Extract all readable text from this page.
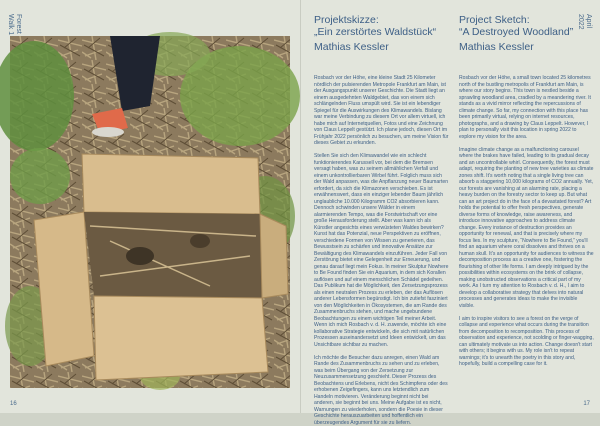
Forest
Walk 1
16	17
April
2022
Projektskizze:
„Ein zerstörtes Waldstück“
Mathias Kessler

Rosbach vor der Höhe, eine kleine Stadt 25 Kilometer nördlich der pulsierenden Metropole Frankfurt am Main, ist der Ausgangspunkt unserer Geschichte. Die Stadt liegt an einem ausgedehnten Waldgebiet, das von einem sich schlängelnden Fluss umspült wird. Sie ist ein lebendiger Spiegel für die Auswirkungen des Klimawandels. Bislang war meine Verbindung zu diesem Ort vor allem virtuell, ich habe mich auf Internetquellen, Fotos und eine Zeichnung von Claus Leppelt gestützt. Ich plane jedoch, diesen Ort im Frühjahr 2022 persönlich zu besuchen, um meine Vision für dieses Gebiet zu erkunden.

Stellen Sie sich den Klimawandel wie ein schlecht funktionierendes Karussell vor, bei dem die Bremsen versagt haben, was zu seinem allmählichen Verfall und einem unkontrollierbaren Wirbel führt. Folglich muss sich der Wald anpassen, was die Anpflanzung neuer Baumarten erfordert, da sich die Klimazonen verschieben. Es ist erwähnenswert, dass ein einziger lebender Baum jährlich unglaubliche 10.000 Kilogramm CO2 absorbieren kann. Dennoch schwinden unsere Wälder in einem alarmierenden Tempo, was die Forstwirtschaft vor eine große Herausforderung stellt. Aber was kann ich als Künstler angesichts eines verwüsteten Waldes bewirken? Kunst hat das Potenzial, neue Perspektiven zu eröffnen, verschiedene Formen von Wissen zu generieren, das Bewusstsein zu schärfen und innovative Ansätze zur Bewältigung des Klimawandels einzuführen. Jeder Fall von Zerstörung bietet eine Gelegenheit zur Erneuerung, und genau darauf liegt mein Fokus. In meiner Skulptur Nowhere to Be Found finden Sie ein Aquarium, in dem sich Korallen auflösen und auf einem menschlichen Schädel gedeihen. Das Publikum hat die Möglichkeit, den Zersetzungsprozess als einen neutralen Prozess zu erleben, der das Auflösen anderer Lebensformen begünstigt. Ich bin zutiefst fasziniert von den Möglichkeiten in Ökosystemen, die am Rande des Zusammenbruchs stehen, und mache ungebundene Beobachtungen zu einem wichtigen Teil meiner Arbeit. Wenn ich mich Rosbach v. d. H. zuwende, möchte ich eine kollaborative Strategie entwickeln, die sich mit natürlichen Prozessen auseinandersetzt und Ideen entwickelt, um das Unsichtbare sichtbar zu machen.

Ich möchte die Besucher dazu anregen, einen Wald am Rande des Zusammenbruchs zu sehen und zu erleben, was beim Übergang von der Zersetzung zur Neuzusammensetzung geschieht. Dieser Prozess des Beobachtens und Erlebens, nicht des Schimpfens oder des erhobenen Zeigefingers, kann uns letztendlich zum Handeln motivieren. Veränderung beginnt nicht bei anderen, sie beginnt bei uns. Meine Aufgabe ist es nicht, Warnungen zu wiederholen, sondern die Poesie in dieser Geschichte herauszuarbeiten und hoffentlich ein überzeugendes Argument für sie zu liefern.

Project Sketch:
“A Destroyed Woodland”
Mathias Kessler

Rosbach vor der Höhe, a small town located 25 kilometres north of the bustling metropolis of Frankfurt am Main, is where our story begins. This town is nestled beside a sprawling woodland area, cradled by a meandering river. It stands as a vivid mirror reflecting the repercussions of climate change. So far, my connection with this place has been primarily virtual, relying on internet resources, photographs, and a drawing by Claus Leppelt. However, I plan to personally visit this location in spring 2022 to explore my vision for the area.

Imagine climate change as a malfunctioning carousel where the brakes have failed, leading to its gradual decay and an uncontrollable whirl. Consequently, the forest must adapt, requiring the planting of new tree varieties as climate zones shift. It's worth noting that a single living tree can absorb a staggering 10,000 kilograms of CO2 annually. Yet, our forests are vanishing at an alarming rate, placing a heavy burden on the forestry sector to keep up. But what can an art project do in the face of a devastated forest? Art holds the potential to offer fresh perspectives, generate diverse forms of knowledge, raise awareness, and introduce innovative approaches to address climate change. Every instance of destruction provides an opportunity for renewal, and that is precisely where my focus lies. In my sculpture, “Nowhere to Be Found,” you'll find an aquarium where coral dissolves and thrives on a human skull. It's an opportunity for audiences to witness the decomposition process as a creative one, fostering the flourishing of other life forms. I am deeply intrigued by the possibilities within ecosystems on the brink of collapse, making unobstructed observations a critical part of my work. As I turn my attention to Rosbach v. d. H., I aim to develop a collaborative strategy that delves into natural processes and generates ideas to make the invisible visible.

I aim to inspire visitors to see a forest on the verge of collapse and experience what occurs during the transition from decomposition to recomposition. This process of observation and experience, not scolding or finger-wagging, can ultimately motivate us into action. Change doesn't start with others; it begins with us. My role isn't to repeat warnings; it's to unearth the poetry in this story and, hopefully, build a compelling case for it.
